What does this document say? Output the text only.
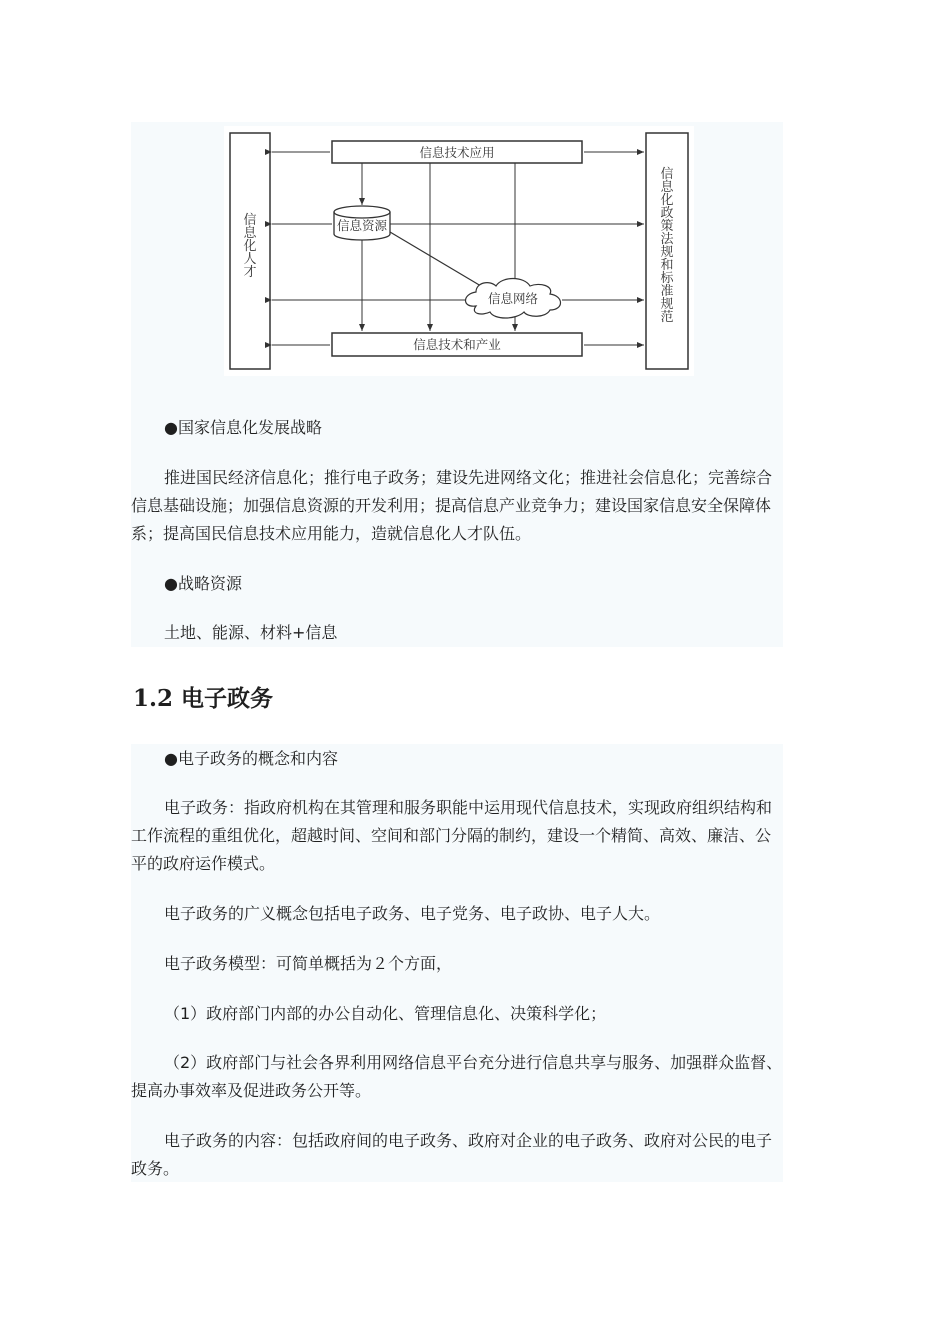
●国家信息化发展战略

推进国民经济信息化；推行电子政务；建设先进网络文化；推进社会信息化；完善综合信息基础设施；加强信息资源的开发利用；提高信息产业竞争力；建设国家信息安全保障体系；提高国民信息技术应用能力，造就信息化人才队伍。

●战略资源

土地、能源、材料+信息

信息化人才
信息化政策法规和标准规范
信息技术应用
信息技术和产业
信息资源
信息网络
1.2 电子政务

●电子政务的概念和内容

电子政务：指政府机构在其管理和服务职能中运用现代信息技术，实现政府组织结构和工作流程的重组优化，超越时间、空间和部门分隔的制约，建设一个精简、高效、廉洁、公平的政府运作模式。

电子政务的广义概念包括电子政务、电子党务、电子政协、电子人大。

电子政务模型：可简单概括为２个方面，

（1）政府部门内部的办公自动化、管理信息化、决策科学化；

（2）政府部门与社会各界利用网络信息平台充分进行信息共享与服务、加强群众监督、提高办事效率及促进政务公开等。

电子政务的内容：包括政府间的电子政务、政府对企业的电子政务、政府对公民的电子政务。
